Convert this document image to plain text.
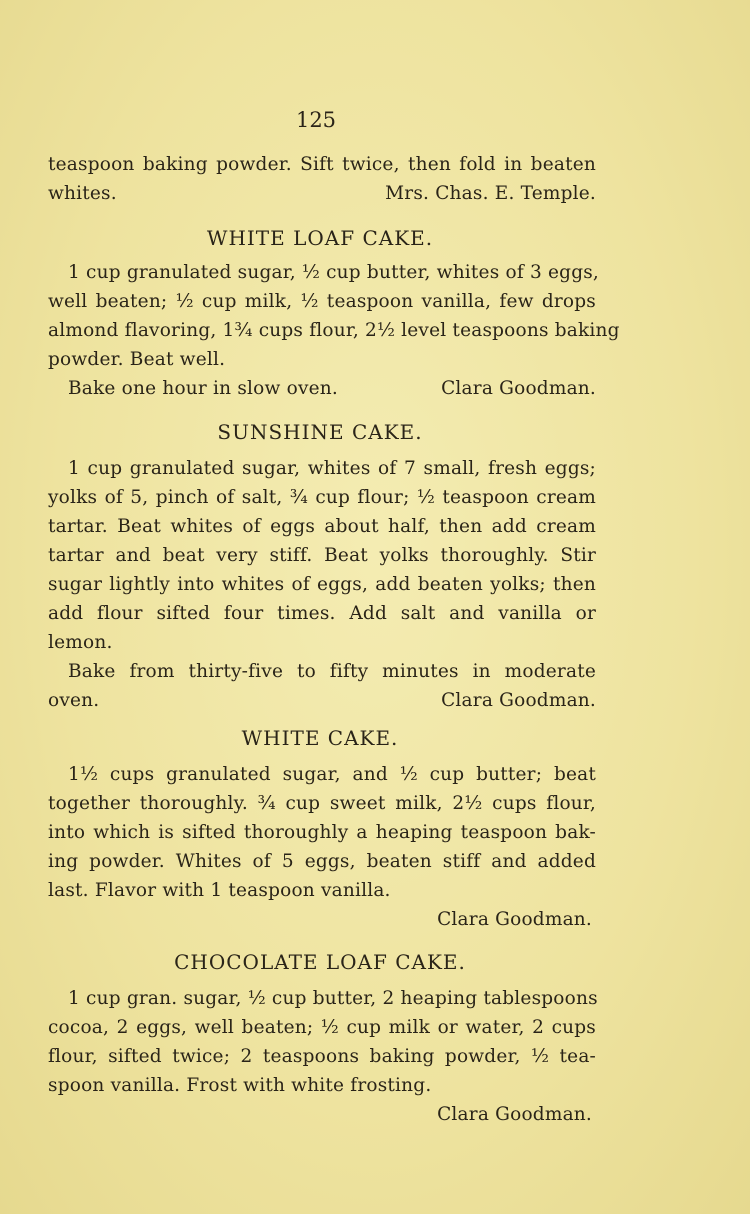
125
teaspoon baking powder. Sift twice, then fold in beaten
whites.	Mrs. Chas. E. Temple.
WHITE LOAF CAKE.
1 cup granulated sugar, ½ cup butter, whites of 3 eggs,
well beaten; ½ cup milk, ½ teaspoon vanilla, few drops
almond flavoring, 1¾ cups flour, 2½ level teaspoons baking
powder. Beat well.
Bake one hour in slow oven.	Clara Goodman.
SUNSHINE CAKE.
1 cup granulated sugar, whites of 7 small, fresh eggs;
yolks of 5, pinch of salt, ¾ cup flour; ½ teaspoon cream
tartar. Beat whites of eggs about half, then add cream
tartar and beat very stiff. Beat yolks thoroughly. Stir
sugar lightly into whites of eggs, add beaten yolks; then
add flour sifted four times. Add salt and vanilla or
lemon.
Bake from thirty-five to fifty minutes in moderate
oven.	Clara Goodman.
WHITE CAKE.
1½ cups granulated sugar, and ½ cup butter; beat
together thoroughly. ¾ cup sweet milk, 2½ cups flour,
into which is sifted thoroughly a heaping teaspoon bak-
ing powder. Whites of 5 eggs, beaten stiff and added
last. Flavor with 1 teaspoon vanilla.
Clara Goodman.
CHOCOLATE LOAF CAKE.
1 cup gran. sugar, ½ cup butter, 2 heaping tablespoons
cocoa, 2 eggs, well beaten; ½ cup milk or water, 2 cups
flour, sifted twice; 2 teaspoons baking powder, ½ tea-
spoon vanilla. Frost with white frosting.
Clara Goodman.
